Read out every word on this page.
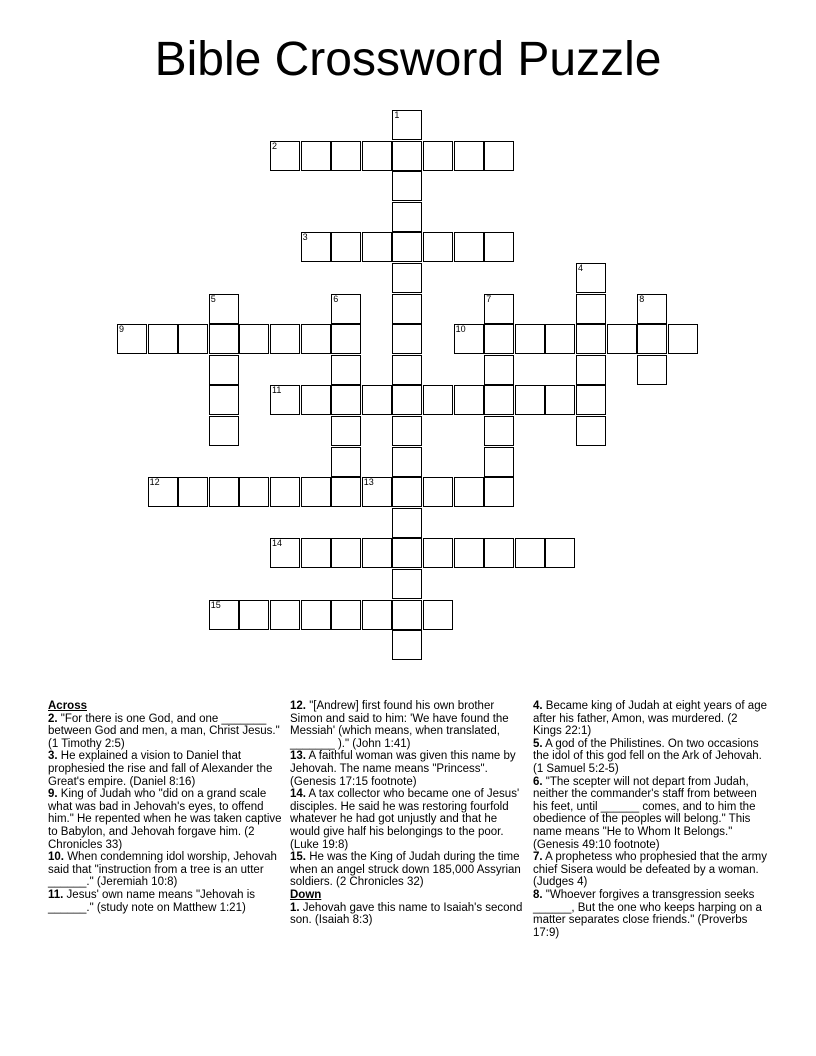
Bible Crossword Puzzle
1
2
3
4
5	6	7	8
9	10
11
12	13
14
15
Across
2. "For there is one God, and one _______ between God and men, a man, Christ Jesus." (1 Timothy 2:5)
3. He explained a vision to Daniel that prophesied the rise and fall of Alexander the Great's empire. (Daniel 8:16)
9. King of Judah who "did on a grand scale what was bad in Jehovah's eyes, to offend him." He repented when he was taken captive to Babylon, and Jehovah forgave him. (2 Chronicles 33)
10. When condemning idol worship, Jehovah said that "instruction from a tree is an utter ______." (Jeremiah 10:8)
11. Jesus' own name means "Jehovah is ______." (study note on Matthew 1:21)
12. "[Andrew] first found his own brother Simon and said to him: 'We have found the Messiah' (which means, when translated, _______ )." (John 1:41)
13. A faithful woman was given this name by Jehovah. The name means "Princess". (Genesis 17:15 footnote)
14. A tax collector who became one of Jesus' disciples. He said he was restoring fourfold whatever he had got unjustly and that he would give half his belongings to the poor. (Luke 19:8)
15. He was the King of Judah during the time when an angel struck down 185,000 Assyrian soldiers. (2 Chronicles 32)
Down
1. Jehovah gave this name to Isaiah's second son. (Isaiah 8:3)
4. Became king of Judah at eight years of age after his father, Amon, was murdered. (2 Kings 22:1)
5. A god of the Philistines. On two occasions the idol of this god fell on the Ark of Jehovah. (1 Samuel 5:2-5)
6. "The scepter will not depart from Judah, neither the commander's staff from between his feet, until ______ comes, and to him the obedience of the peoples will belong." This name means "He to Whom It Belongs." (Genesis 49:10 footnote)
7. A prophetess who prophesied that the army chief Sisera would be defeated by a woman. (Judges 4)
8. "Whoever forgives a transgression seeks ______, But the one who keeps harping on a matter separates close friends." (Proverbs 17:9)
